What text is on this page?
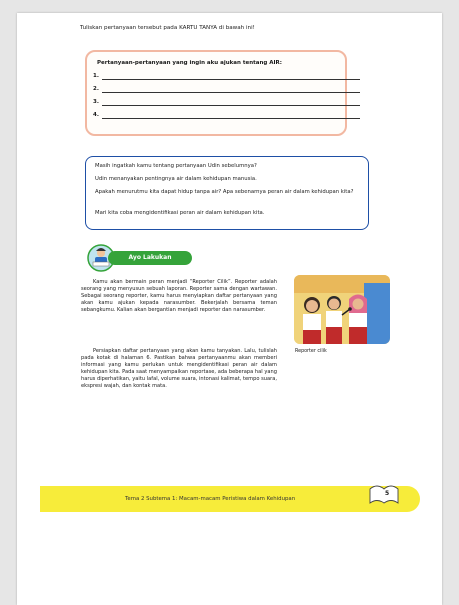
Tuliskan pertanyaan tersebut pada KARTU TANYA di bawah ini!
Pertanyaan-pertanyaan yang ingin aku ajukan tentang AIR:
1.
2.
3.
4.

Masih ingatkah kamu tentang pertanyaan Udin sebelumnya?

Udin menanyakan pentingnya air dalam kehidupan manusia.

Apakah menurutmu kita dapat hidup tanpa air? Apa sebenarnya peran air dalam kehidupan kita?

Mari kita coba mengidentifikasi peran air dalam kehidupan kita.

Ayo Lakukan

Kamu akan bermain peran menjadi “Reporter Cilik”. Reporter adalah seorang yang menyusun sebuah laporan. Reporter sama dengan wartawan. Sebagai seorang reporter, kamu harus menyiapkan daftar pertanyaan yang akan kamu ajukan kepada narasumber. Bekerjalah bersama teman sebangkumu. Kalian akan bergantian menjadi reporter dan narasumber.

Persiapkan daftar pertanyaan yang akan kamu tanyakan. Lalu, tulislah pada kotak di halaman 6. Pastikan bahwa pertanyaanmu akan memberi informasi yang kamu perlukan untuk mengidentifikasi peran air dalam kehidupan kita. Pada saat menyampaikan reportase, ada beberapa hal yang harus diperhatikan, yaitu lafal, volume suara, intonasi kalimat, tempo suara, ekspresi wajah, dan kontak mata.

Reporter cilik
Tema 2 Subtema 1: Macam-macam Peristiwa dalam Kehidupan
5
